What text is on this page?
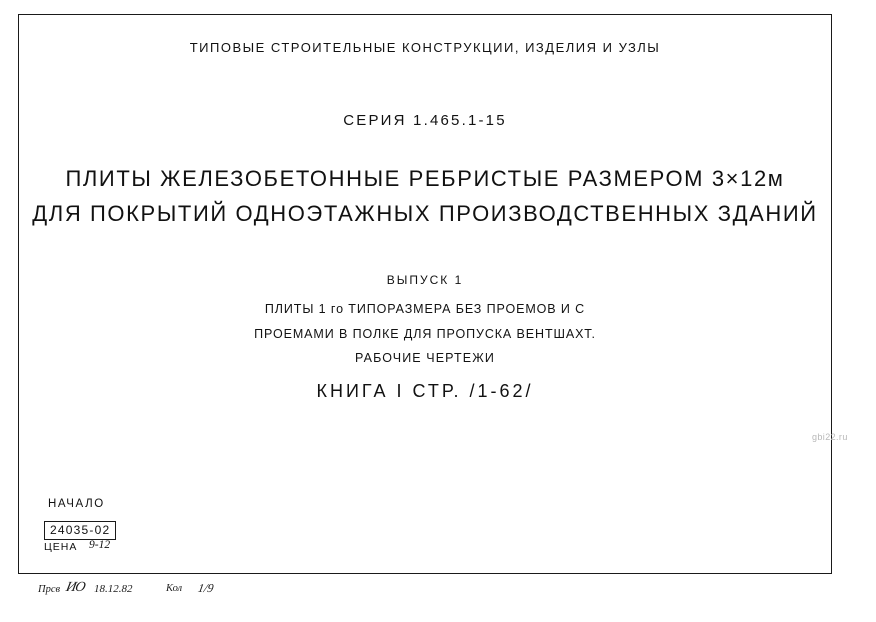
ТИПОВЫЕ СТРОИТЕЛЬНЫЕ КОНСТРУКЦИИ, ИЗДЕЛИЯ И УЗЛЫ
СЕРИЯ 1.465.1-15
ПЛИТЫ ЖЕЛЕЗОБЕТОННЫЕ РЕБРИСТЫЕ РАЗМЕРОМ 3×12м
ДЛЯ ПОКРЫТИЙ ОДНОЭТАЖНЫХ ПРОИЗВОДСТВЕННЫХ ЗДАНИЙ
ВЫПУСК 1
ПЛИТЫ 1 го ТИПОРАЗМЕРА БЕЗ ПРОЕМОВ И С
ПРОЕМАМИ В ПОЛКЕ ДЛЯ ПРОПУСКА ВЕНТШАХТ.
РАБОЧИЕ ЧЕРТЕЖИ
КНИГА I СТР. /1-62/
gbi22.ru
НАЧАЛО
24035-02
ЦЕНА 9-12
Прсв ИО 18.12.82	Кол 1/9
